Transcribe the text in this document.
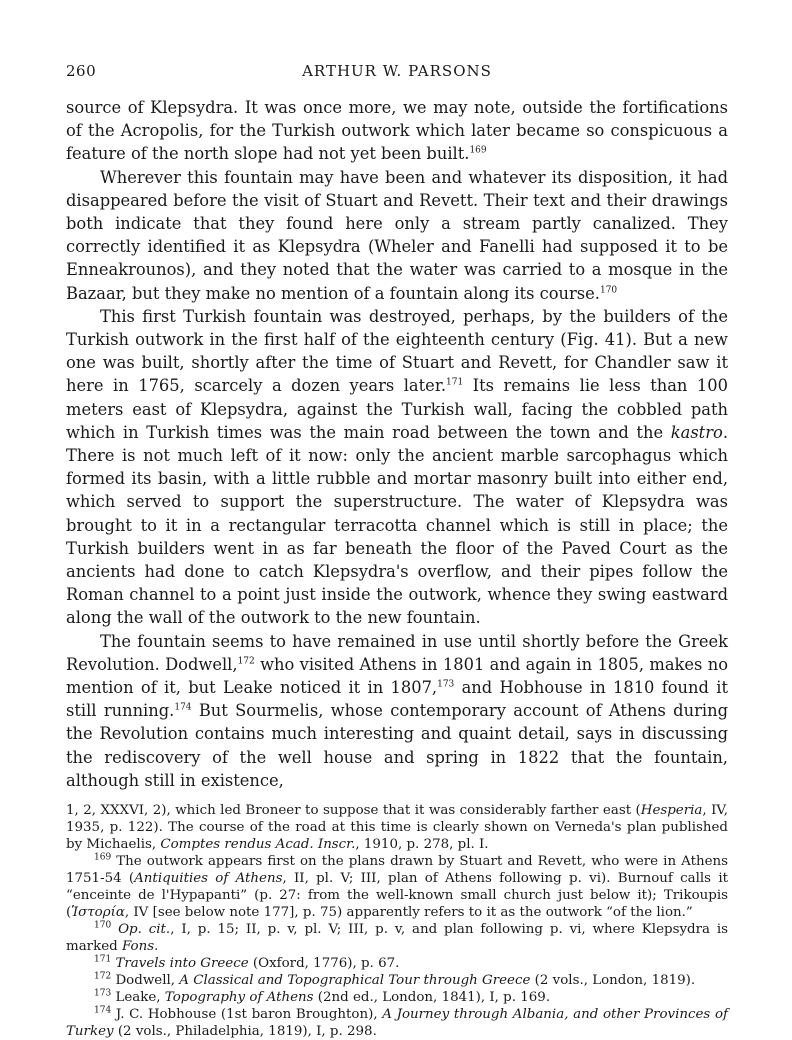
260	ARTHUR W. PARSONS

source of Klepsydra. It was once more, we may note, outside the fortifications of the Acropolis, for the Turkish outwork which later became so conspicuous a feature of the north slope had not yet been built.$^{169}$

Wherever this fountain may have been and whatever its disposition, it had disappeared before the visit of Stuart and Revett. Their text and their drawings both indicate that they found here only a stream partly canalized. They correctly identified it as Klepsydra (Wheler and Fanelli had supposed it to be Enneakrounos), and they noted that the water was carried to a mosque in the Bazaar, but they make no mention of a fountain along its course.$^{170}$

This first Turkish fountain was destroyed, perhaps, by the builders of the Turkish outwork in the first half of the eighteenth century (Fig. 41). But a new one was built, shortly after the time of Stuart and Revett, for Chandler saw it here in 1765, scarcely a dozen years later.$^{171}$ Its remains lie less than 100 meters east of Klepsydra, against the Turkish wall, facing the cobbled path which in Turkish times was the main road between the town and the kastro. There is not much left of it now: only the ancient marble sarcophagus which formed its basin, with a little rubble and mortar masonry built into either end, which served to support the superstructure. The water of Klepsydra was brought to it in a rectangular terracotta channel which is still in place; the Turkish builders went in as far beneath the floor of the Paved Court as the ancients had done to catch Klepsydra's overflow, and their pipes follow the Roman channel to a point just inside the outwork, whence they swing eastward along the wall of the outwork to the new fountain.

The fountain seems to have remained in use until shortly before the Greek Revolution. Dodwell,$^{172}$ who visited Athens in 1801 and again in 1805, makes no mention of it, but Leake noticed it in 1807,$^{173}$ and Hobhouse in 1810 found it still running.$^{174}$ But Sourmelis, whose contemporary account of Athens during the Revolution contains much interesting and quaint detail, says in discussing the rediscovery of the well house and spring in 1822 that the fountain, although still in existence,

1, 2, XXXVI, 2), which led Broneer to suppose that it was considerably farther east (Hesperia, IV, 1935, p. 122). The course of the road at this time is clearly shown on Verneda's plan published by Michaelis, Comptes rendus Acad. Inscr., 1910, p. 278, pl. I.

$^{169}$ The outwork appears first on the plans drawn by Stuart and Revett, who were in Athens 1751-54 (Antiquities of Athens, II, pl. V; III, plan of Athens following p. vi). Burnouf calls it “enceinte de l'Hypapanti” (p. 27: from the well-known small church just below it); Trikoupis (Ἱστορία, IV [see below note 177], p. 75) apparently refers to it as the outwork “of the lion.”

$^{170}$ Op. cit., I, p. 15; II, p. v, pl. V; III, p. v, and plan following p. vi, where Klepsydra is marked Fons.

$^{171}$ Travels into Greece (Oxford, 1776), p. 67.

$^{172}$ Dodwell, A Classical and Topographical Tour through Greece (2 vols., London, 1819).

$^{173}$ Leake, Topography of Athens (2nd ed., London, 1841), I, p. 169.

$^{174}$ J. C. Hobhouse (1st baron Broughton), A Journey through Albania, and other Provinces of Turkey (2 vols., Philadelphia, 1819), I, p. 298.
